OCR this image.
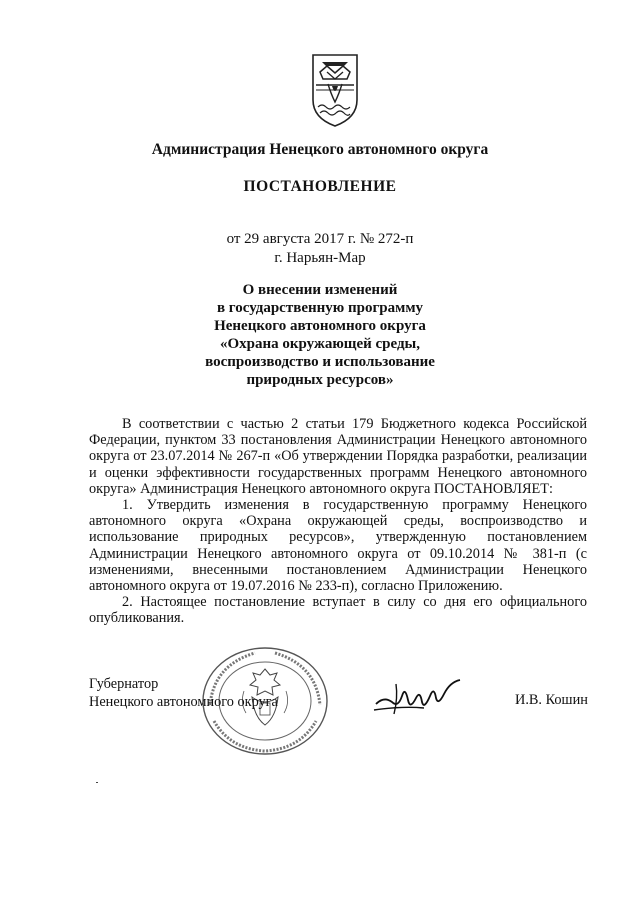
Администрация Ненецкого автономного округа
ПОСТАНОВЛЕНИЕ
от 29 августа 2017 г. № 272-п
г. Нарьян-Мар
О внесении изменений
в государственную программу
Ненецкого автономного округа
«Охрана окружающей среды,
воспроизводство и использование
природных ресурсов»

В соответствии с частью 2 статьи 179 Бюджетного кодекса Российской Федерации, пунктом 33 постановления Администрации Ненецкого автономного округа от 23.07.2014 № 267-п «Об утверждении Порядка разработки, реализации и оценки эффективности государственных программ Ненецкого автономного округа» Администрация Ненецкого автономного округа ПОСТАНОВЛЯЕТ:

1. Утвердить изменения в государственную программу Ненецкого автономного округа «Охрана окружающей среды, воспроизводство и использование природных ресурсов», утвержденную постановлением Администрации Ненецкого автономного округа от 09.10.2014 № 381-п (с изменениями, внесенными постановлением Администрации Ненецкого автономного округа от 19.07.2016 № 233-п), согласно Приложению.

2. Настоящее постановление вступает в силу со дня его официального опубликования.

Губернатор
Ненецкого автономного округа	И.В. Кошин
